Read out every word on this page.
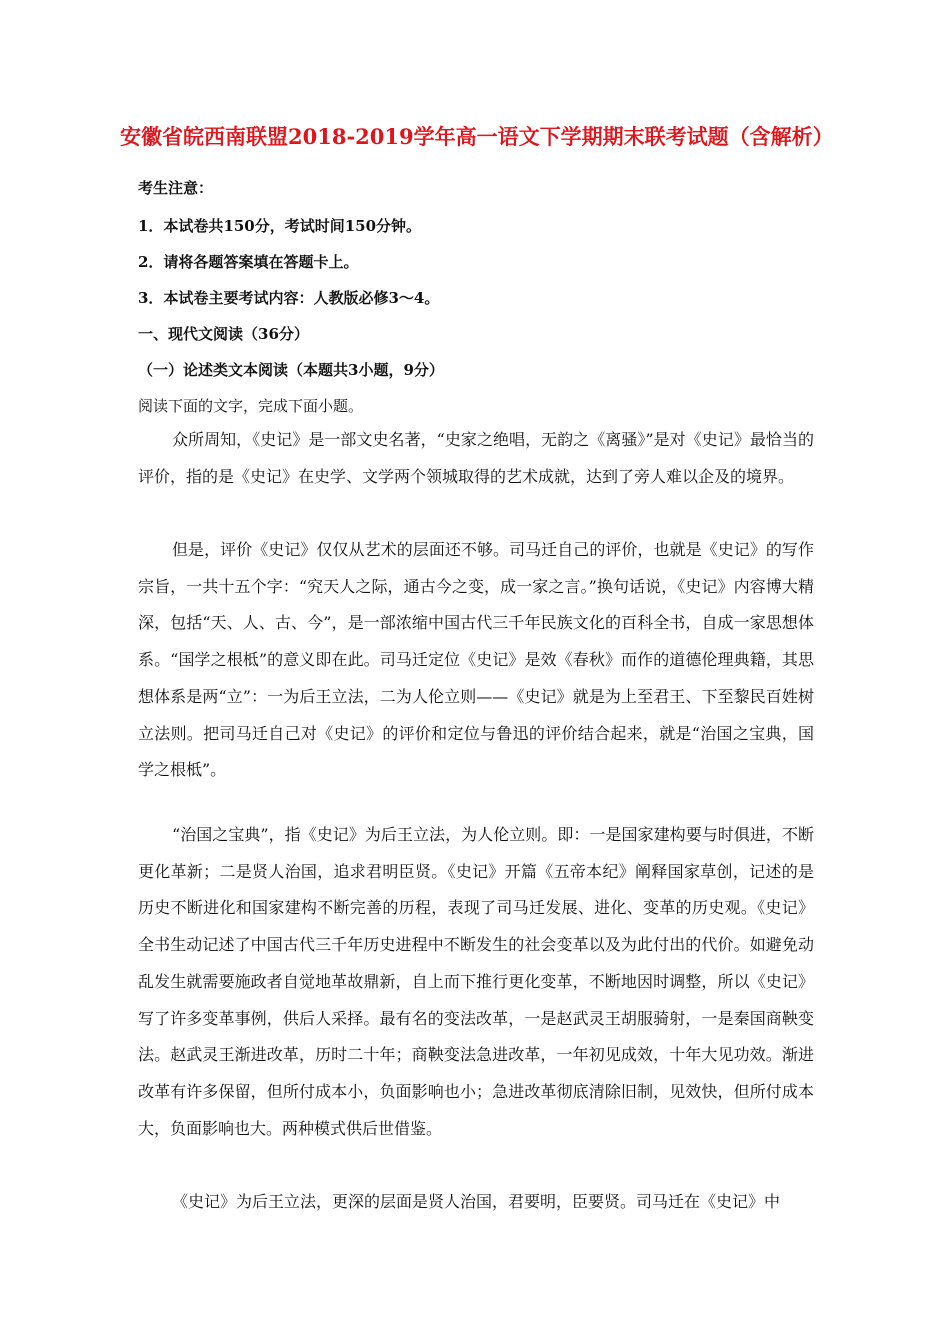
安徽省皖西南联盟2018-2019学年高一语文下学期期末联考试题（含解析）
考生注意：
1．本试卷共150分，考试时间150分钟。
2．请将各题答案填在答题卡上。
3．本试卷主要考试内容：人教版必修3～4。
一、现代文阅读（36分）
（一）论述类文本阅读（本题共3小题，9分）
阅读下面的文字，完成下面小题。

众所周知，《史记》是一部文史名著，“史家之绝唱，无韵之《离骚》”是对《史记》最恰当的评价，指的是《史记》在史学、文学两个领城取得的艺术成就，达到了旁人难以企及的境界。

但是，评价《史记》仅仅从艺术的层面还不够。司马迁自己的评价，也就是《史记》的写作宗旨，一共十五个字：“究天人之际，通古今之变，成一家之言。”换句话说，《史记》内容博大精深，包括“天、人、古、今”，是一部浓缩中国古代三千年民族文化的百科全书，自成一家思想体系。“国学之根柢”的意义即在此。司马迁定位《史记》是效《春秋》而作的道德伦理典籍，其思想体系是两“立”：一为后王立法，二为人伦立则——《史记》就是为上至君王、下至黎民百姓树立法则。把司马迁自己对《史记》的评价和定位与鲁迅的评价结合起来，就是“治国之宝典，国学之根柢”。

“治国之宝典”，指《史记》为后王立法，为人伦立则。即：一是国家建构要与时俱进，不断更化革新；二是贤人治国，追求君明臣贤。《史记》开篇《五帝本纪》阐释国家草创，记述的是历史不断进化和国家建构不断完善的历程，表现了司马迁发展、进化、变革的历史观。《史记》全书生动记述了中国古代三千年历史进程中不断发生的社会变革以及为此付出的代价。如避免动乱发生就需要施政者自觉地革故鼎新，自上而下推行更化变革，不断地因时调整，所以《史记》写了许多变革事例，供后人采择。最有名的变法改革，一是赵武灵王胡服骑射，一是秦国商鞅变法。赵武灵王渐进改革，历时二十年；商鞅变法急进改革，一年初见成效，十年大见功效。渐进改革有许多保留，但所付成本小，负面影响也小；急进改革彻底清除旧制，见效快，但所付成本大，负面影响也大。两种模式供后世借鉴。

《史记》为后王立法，更深的层面是贤人治国，君要明，臣要贤。司马迁在《史记》中
